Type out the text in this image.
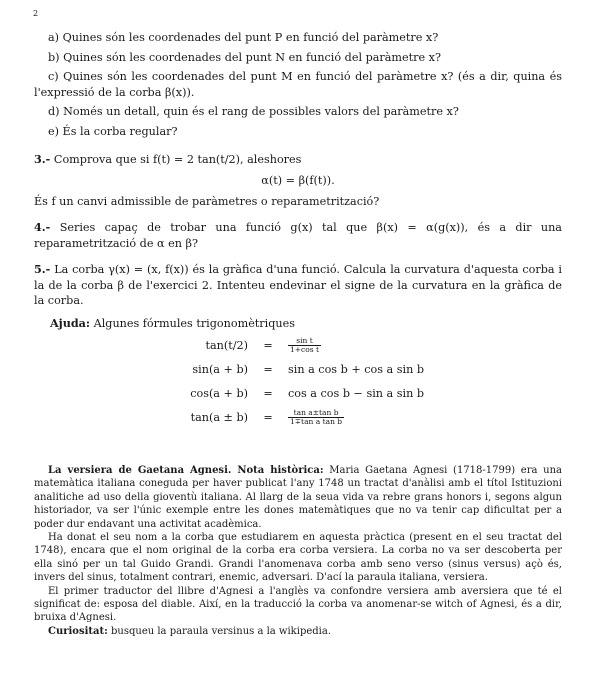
2
a) Quines són les coordenades del punt P en funció del paràmetre x?
b) Quines són les coordenades del punt N en funció del paràmetre x?
c) Quines són les coordenades del punt M en funció del paràmetre x? (és a dir, quina és l'expressió de la corba β(x)).
d) Només un detall, quin és el rang de possibles valors del paràmetre x?
e) És la corba regular?
3.- Comprova que si f(t) = 2 tan(t/2), aleshores
α(t) = β(f(t)).
És f un canvi admissible de paràmetres o reparametrització?
4.- Series capaç de trobar una funció g(x) tal que β(x) = α(g(x)), és a dir una reparametrització de α en β?
5.- La corba γ(x) = (x, f(x)) és la gràfica d'una funció. Calcula la curvatura d'aquesta corba i la de la corba β de l'exercici 2. Intenteu endevinar el signe de la curvatura en la gràfica de la corba.
Ajuda: Algunes fórmules trigonomètriques
tan(t/2)	=	$\frac{\text{sin t}}{\text{1+cos t}}$

sin(a + b)	=	sin a cos b + cos a sin b
cos(a + b)	=	cos a cos b − sin a sin b
tan(a ± b)	=	$\frac{\text{tan a±tan b}}{\text{1∓tan a tan b}}$
La versiera de Gaetana Agnesi. Nota històrica: Maria Gaetana Agnesi (1718-1799) era una matemàtica italiana coneguda per haver publicat l'any 1748 un tractat d'anàlisi amb el títol Istituzioni analitiche ad uso della gioventù italiana. Al llarg de la seua vida va rebre grans honors i, segons algun historiador, va ser l'únic exemple entre les dones matemàtiques que no va tenir cap dificultat per a poder dur endavant una activitat acadèmica.
Ha donat el seu nom a la corba que estudiarem en aquesta pràctica (present en el seu tractat del 1748), encara que el nom original de la corba era corba versiera. La corba no va ser descoberta per ella sinó per un tal Guido Grandi. Grandi l'anomenava corba amb seno verso (sinus versus) açò és, invers del sinus, totalment contrari, enemic, adversari. D'ací la paraula italiana, versiera.
El primer traductor del llibre d'Agnesi a l'anglès va confondre versiera amb aversiera que té el significat de: esposa del diable. Així, en la traducció la corba va anomenar-se witch of Agnesi, és a dir, bruixa d'Agnesi.
Curiositat: busqueu la paraula versinus a la wikipedia.
